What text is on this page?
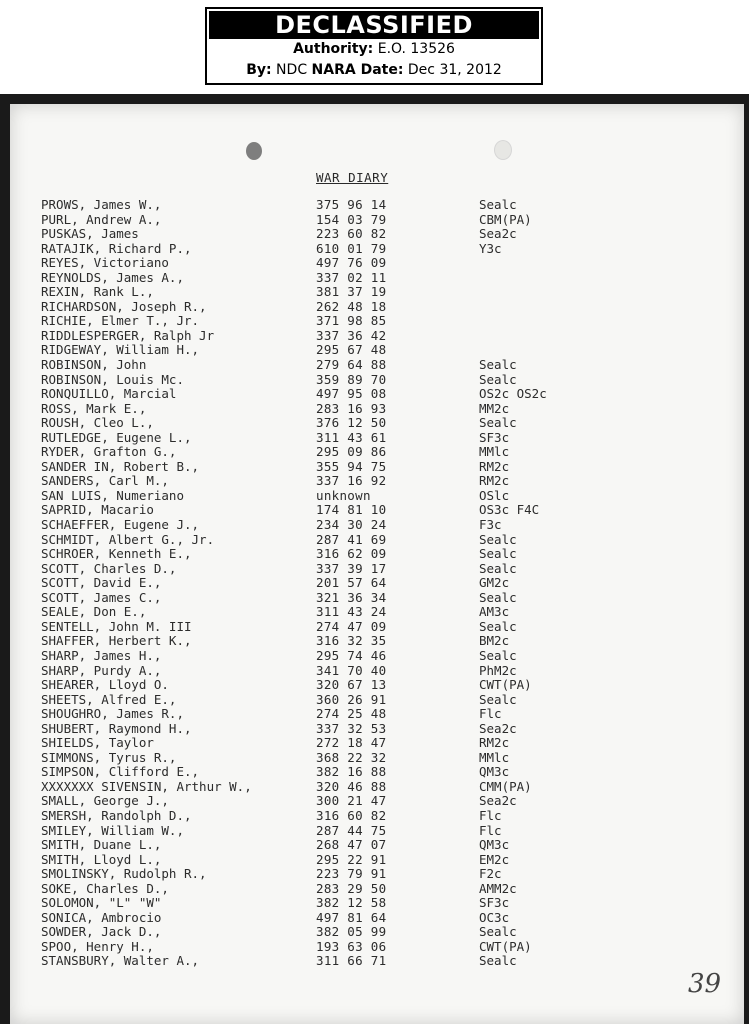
DECLASSIFIED
Authority: E.O. 13526
By: NDC NARA Date: Dec 31, 2012
WAR DIARY
PROWS, James W.,	375 96 14	Sealc
PURL, Andrew A.,	154 03 79	CBM(PA)
PUSKAS, James	223 60 82	Sea2c
RATAJIK, Richard P.,	610 01 79	Y3c
REYES, Victoriano	497 76 09
REYNOLDS, James A.,	337 02 11
REXIN, Rank L.,	381 37 19
RICHARDSON, Joseph R.,	262 48 18
RICHIE, Elmer T., Jr.	371 98 85
RIDDLESPERGER, Ralph Jr	337 36 42
RIDGEWAY, William H.,	295 67 48
ROBINSON, John	279 64 88	Sealc
ROBINSON, Louis Mc.	359 89 70	Sealc
RONQUILLO, Marcial	497 95 08	OS2c OS2c
ROSS, Mark E.,	283 16 93	MM2c
ROUSH, Cleo L.,	376 12 50	Sealc
RUTLEDGE, Eugene L.,	311 43 61	SF3c
RYDER, Grafton G.,	295 09 86	MMlc
SANDER IN, Robert B.,	355 94 75	RM2c
SANDERS, Carl M.,	337 16 92	RM2c
SAN LUIS, Numeriano	unknown	OSlc
SAPRID, Macario	174 81 10	OS3c F4C
SCHAEFFER, Eugene J.,	234 30 24	F3c
SCHMIDT, Albert G., Jr.	287 41 69	Sealc
SCHROER, Kenneth E.,	316 62 09	Sealc
SCOTT, Charles D.,	337 39 17	Sealc
SCOTT, David E.,	201 57 64	GM2c
SCOTT, James C.,	321 36 34	Sealc
SEALE, Don E.,	311 43 24	AM3c
SENTELL, John M. III	274 47 09	Sealc
SHAFFER, Herbert K.,	316 32 35	BM2c
SHARP, James H.,	295 74 46	Sealc
SHARP, Purdy A.,	341 70 40	PhM2c
SHEARER, Lloyd O.	320 67 13	CWT(PA)
SHEETS, Alfred E.,	360 26 91	Sealc
SHOUGHRO, James R.,	274 25 48	Flc
SHUBERT, Raymond H.,	337 32 53	Sea2c
SHIELDS, Taylor	272 18 47	RM2c
SIMMONS, Tyrus R.,	368 22 32	MMlc
SIMPSON, Clifford E.,	382 16 88	QM3c
XXXXXXX SIVENSIN, Arthur W.,	320 46 88	CMM(PA)
SMALL, George J.,	300 21 47	Sea2c
SMERSH, Randolph D.,	316 60 82	Flc
SMILEY, William W.,	287 44 75	Flc
SMITH, Duane L.,	268 47 07	QM3c
SMITH, Lloyd L.,	295 22 91	EM2c
SMOLINSKY, Rudolph R.,	223 79 91	F2c
SOKE, Charles D.,	283 29 50	AMM2c
SOLOMON, "L" "W"	382 12 58	SF3c
SONICA, Ambrocio	497 81 64	OC3c
SOWDER, Jack D.,	382 05 99	Sealc
SPOO, Henry H.,	193 63 06	CWT(PA)
STANSBURY, Walter A.,	311 66 71	Sealc
39
